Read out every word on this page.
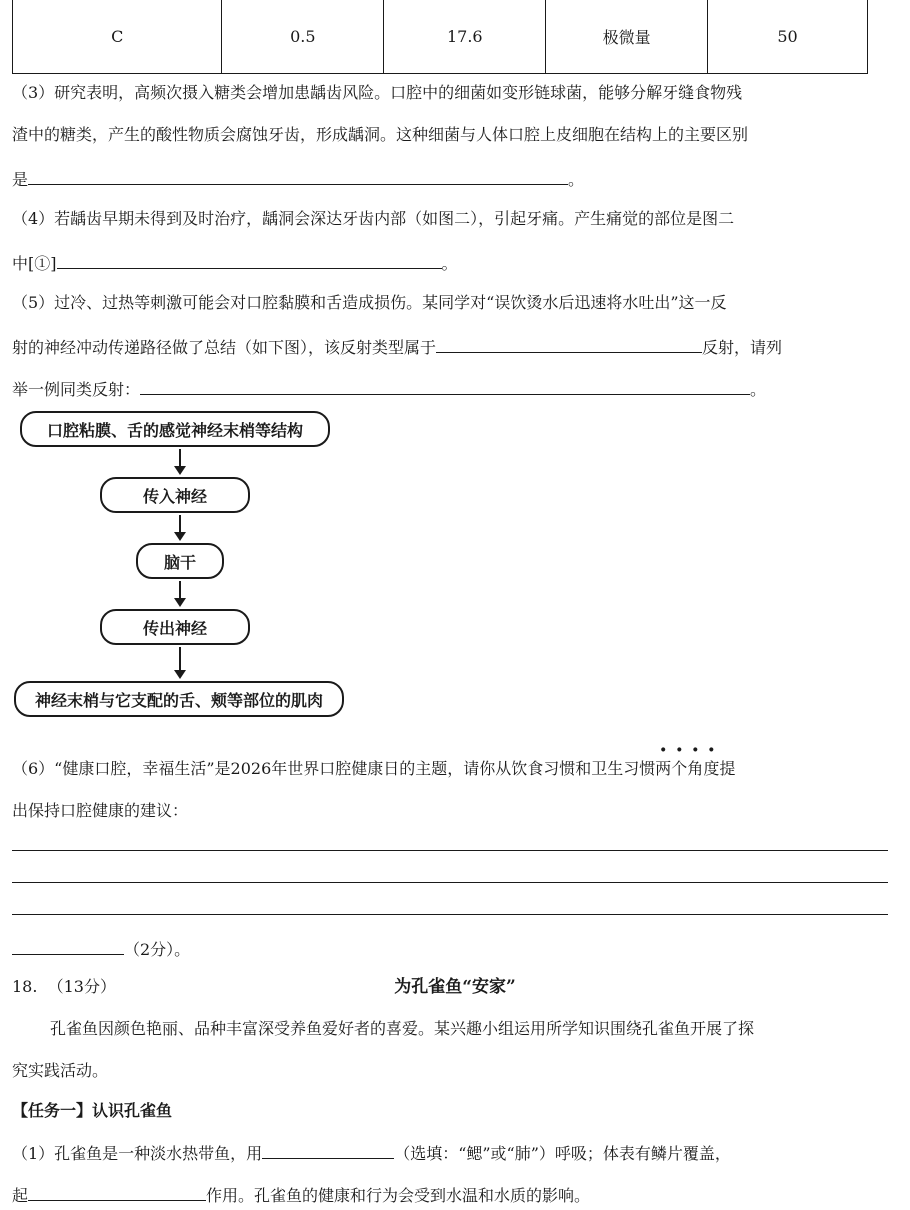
C	0.5	17.6	极微量	50
（3）研究表明，高频次摄入糖类会增加患龋齿风险。口腔中的细菌如变形链球菌，能够分解牙缝食物残
渣中的糖类，产生的酸性物质会腐蚀牙齿，形成龋洞。这种细菌与人体口腔上皮细胞在结构上的主要区别
是	。
（4）若龋齿早期未得到及时治疗，龋洞会深达牙齿内部（如图二），引起牙痛。产生痛觉的部位是图二
中[①]	。
（5）过冷、过热等刺激可能会对口腔黏膜和舌造成损伤。某同学对“误饮烫水后迅速将水吐出”这一反
射的神经冲动传递路径做了总结（如下图），该反射类型属于	反射，请列
举一例同类反射：	。
口腔粘膜、舌的感觉神经末梢等结构
传入神经
脑干
传出神经
神经末梢与它支配的舌、颊等部位的肌肉
（6）“健康口腔，幸福生活”是2026年世界口腔健康日的主题，请你从饮食习惯和卫生习惯两个角度提
出保持口腔健康的建议：
（2分）。
18. （13分）	为孔雀鱼“安家”
孔雀鱼因颜色艳丽、品种丰富深受养鱼爱好者的喜爱。某兴趣小组运用所学知识围绕孔雀鱼开展了探
究实践活动。
【任务一】认识孔雀鱼
（1）孔雀鱼是一种淡水热带鱼，用	（选填：“鳃”或“肺”）呼吸；体表有鳞片覆盖，
起	作用。孔雀鱼的健康和行为会受到水温和水质的影响。
